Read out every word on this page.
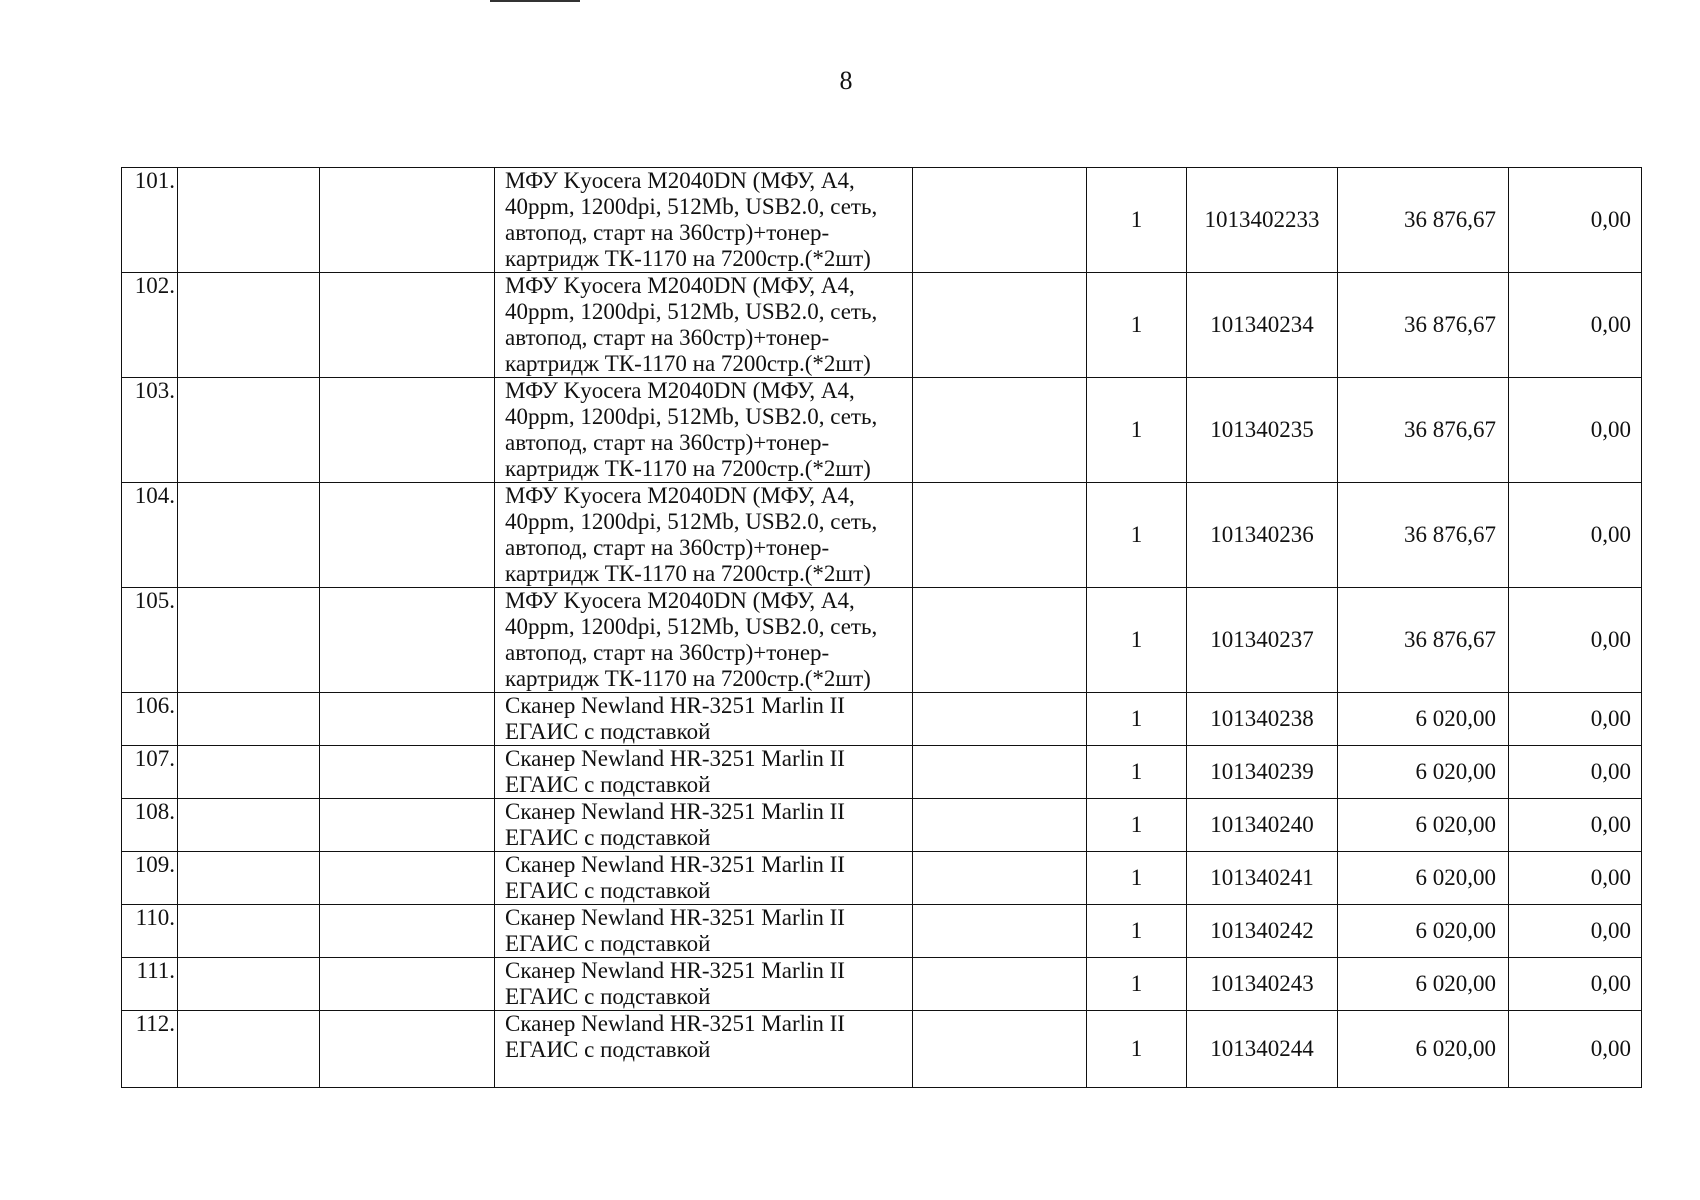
8
101.			МФУ Kyocera M2040DN (МФУ, А4,
40ppm, 1200dpi, 512Mb, USB2.0, сеть,
автопод, старт на 360стр)+тонер-
картридж ТК-1170 на 7200стр.(*2шт)		1	1013402233	36 876,67	0,00
102.			МФУ Kyocera M2040DN (МФУ, А4,
40ppm, 1200dpi, 512Mb, USB2.0, сеть,
автопод, старт на 360стр)+тонер-
картридж ТК-1170 на 7200стр.(*2шт)		1	101340234	36 876,67	0,00
103.			МФУ Kyocera M2040DN (МФУ, А4,
40ppm, 1200dpi, 512Mb, USB2.0, сеть,
автопод, старт на 360стр)+тонер-
картридж ТК-1170 на 7200стр.(*2шт)		1	101340235	36 876,67	0,00
104.			МФУ Kyocera M2040DN (МФУ, А4,
40ppm, 1200dpi, 512Mb, USB2.0, сеть,
автопод, старт на 360стр)+тонер-
картридж ТК-1170 на 7200стр.(*2шт)		1	101340236	36 876,67	0,00
105.			МФУ Kyocera M2040DN (МФУ, А4,
40ppm, 1200dpi, 512Mb, USB2.0, сеть,
автопод, старт на 360стр)+тонер-
картридж ТК-1170 на 7200стр.(*2шт)		1	101340237	36 876,67	0,00
106.			Сканер Newland HR-3251 Marlin II
ЕГАИС с подставкой		1	101340238	6 020,00	0,00
107.			Сканер Newland HR-3251 Marlin II
ЕГАИС с подставкой		1	101340239	6 020,00	0,00
108.			Сканер Newland HR-3251 Marlin II
ЕГАИС с подставкой		1	101340240	6 020,00	0,00
109.			Сканер Newland HR-3251 Marlin II
ЕГАИС с подставкой		1	101340241	6 020,00	0,00
110.			Сканер Newland HR-3251 Marlin II
ЕГАИС с подставкой		1	101340242	6 020,00	0,00
111.			Сканер Newland HR-3251 Marlin II
ЕГАИС с подставкой		1	101340243	6 020,00	0,00
112.			Сканер Newland HR-3251 Marlin II
ЕГАИС с подставкой		1	101340244	6 020,00	0,00
